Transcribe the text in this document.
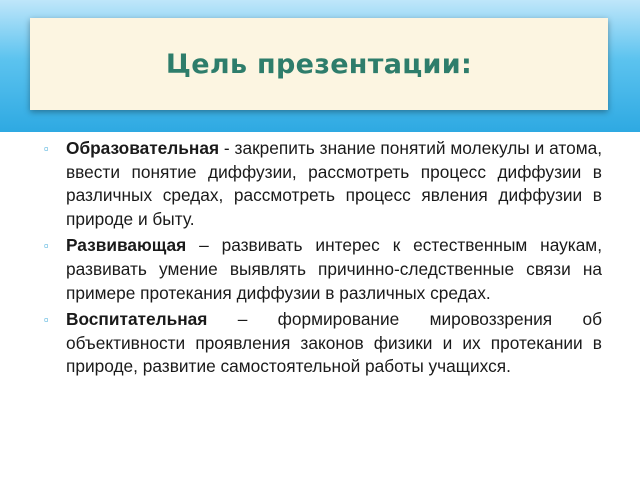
Цель презентации:
▫	Образовательная - закрепить знание понятий молекулы и атома, ввести понятие диффузии, рассмотреть процесс диффузии в различных средах, рассмотреть процесс явления диффузии в природе и быту.
▫	Развивающая – развивать интерес к естественным наукам, развивать умение выявлять причинно-следственные связи на примере протекания диффузии в различных средах.
▫	Воспитательная – формирование мировоззрения об объективности проявления законов физики и их протекании в природе, развитие самостоятельной работы учащихся.
